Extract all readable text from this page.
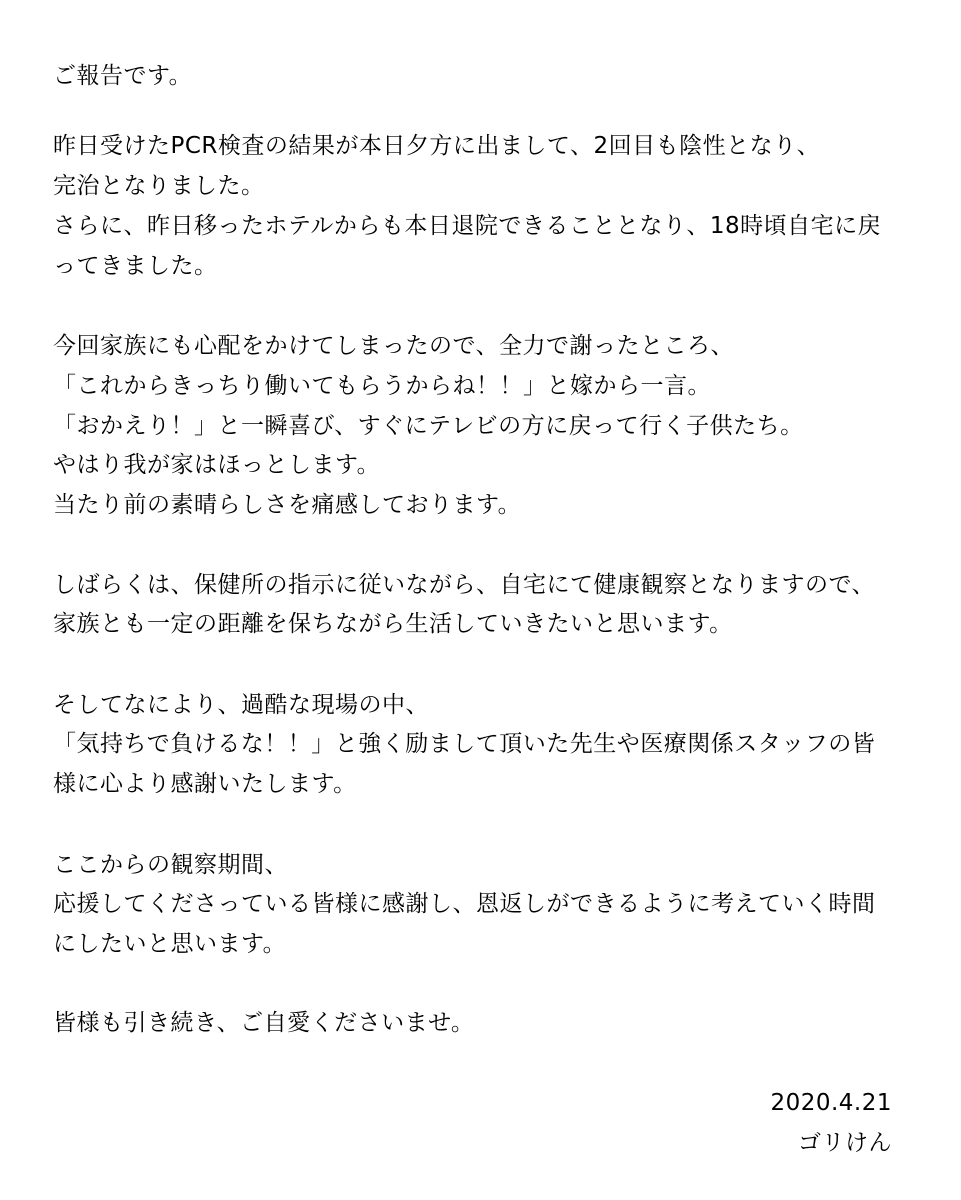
ご報告です。
昨日受けたPCR検査の結果が本日夕方に出まして、2回目も陰性となり、
完治となりました。
さらに、昨日移ったホテルからも本日退院できることとなり、18時頃自宅に戻
ってきました。
今回家族にも心配をかけてしまったので、全力で謝ったところ、
「これからきっちり働いてもらうからね！！」と嫁から一言。
「おかえり！」と一瞬喜び、すぐにテレビの方に戻って行く子供たち。
やはり我が家はほっとします。
当たり前の素晴らしさを痛感しております。
しばらくは、保健所の指示に従いながら、自宅にて健康観察となりますので、
家族とも一定の距離を保ちながら生活していきたいと思います。
そしてなにより、過酷な現場の中、
「気持ちで負けるな！！」と強く励まして頂いた先生や医療関係スタッフの皆
様に心より感謝いたします。
ここからの観察期間、
応援してくださっている皆様に感謝し、恩返しができるように考えていく時間
にしたいと思います。
皆様も引き続き、ご自愛くださいませ。
2020.4.21
ゴリけん
